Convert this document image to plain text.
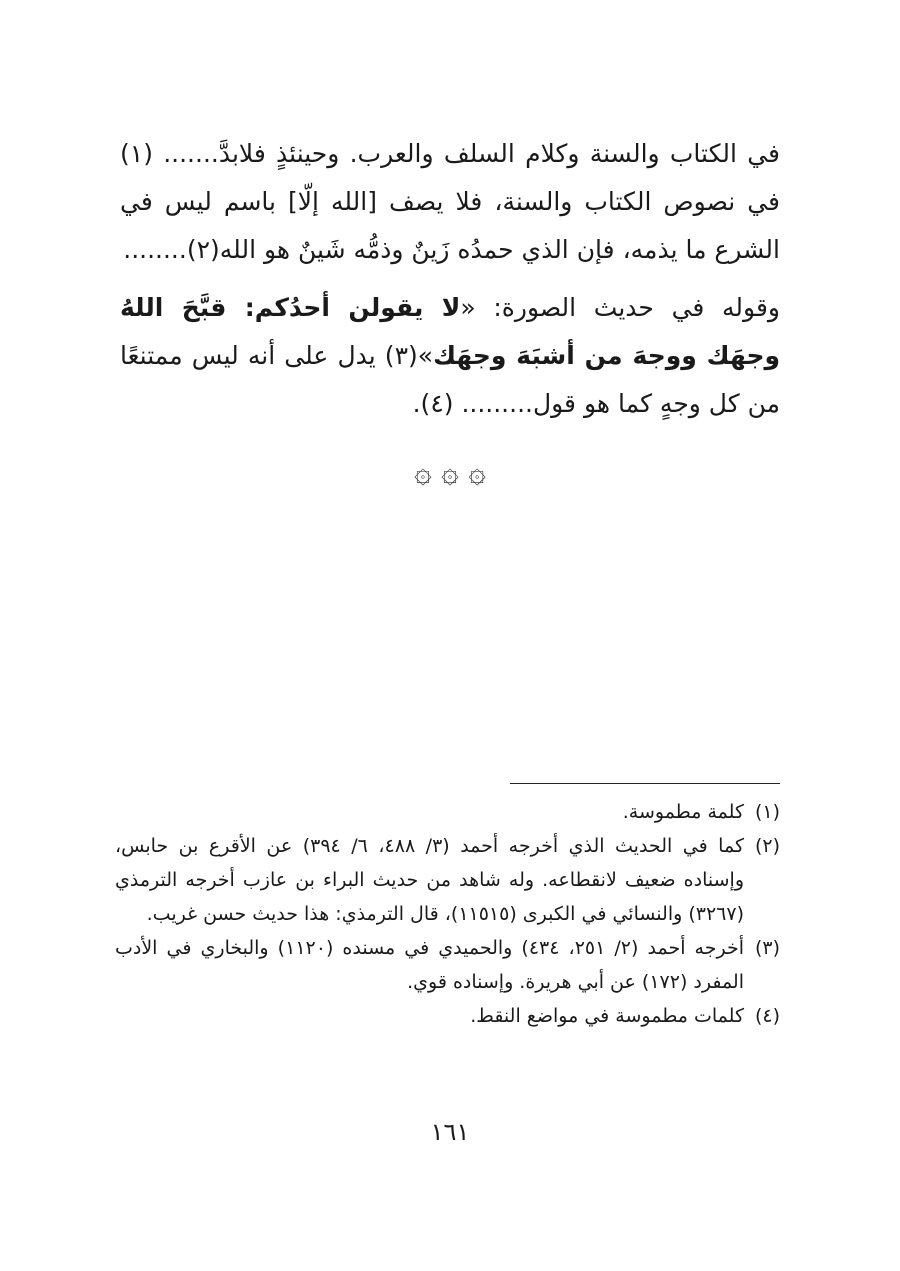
في الكتاب والسنة وكلام السلف والعرب. وحينئذٍ فلابدَّ....... (١) في نصوص الكتاب والسنة، فلا يصف [الله إلّا] باسم ليس في الشرع ما يذمه، فإن الذي حمدُه زَينٌ وذمُّه شَينٌ هو الله(٢)........

وقوله في حديث الصورة: «لا يقولن أحدُكم: قبَّحَ اللهُ وجهَك ووجهَ من أشبَهَ وجهَك»(٣) يدل على أنه ليس ممتنعًا من كل وجهٍ كما هو قول......... (٤).

۞ ۞ ۞
(١)
كلمة مطموسة.
(٢)
كما في الحديث الذي أخرجه أحمد (٣/ ٤٨٨، ٦/ ٣٩٤) عن الأقرع بن حابس، وإسناده ضعيف لانقطاعه. وله شاهد من حديث البراء بن عازب أخرجه الترمذي (٣٢٦٧) والنسائي في الكبرى (١١٥١٥)، قال الترمذي: هذا حديث حسن غريب.
(٣)
أخرجه أحمد (٢/ ٢٥١، ٤٣٤) والحميدي في مسنده (١١٢٠) والبخاري في الأدب المفرد (١٧٢) عن أبي هريرة. وإسناده قوي.
(٤)
كلمات مطموسة في مواضع النقط.
١٦١
